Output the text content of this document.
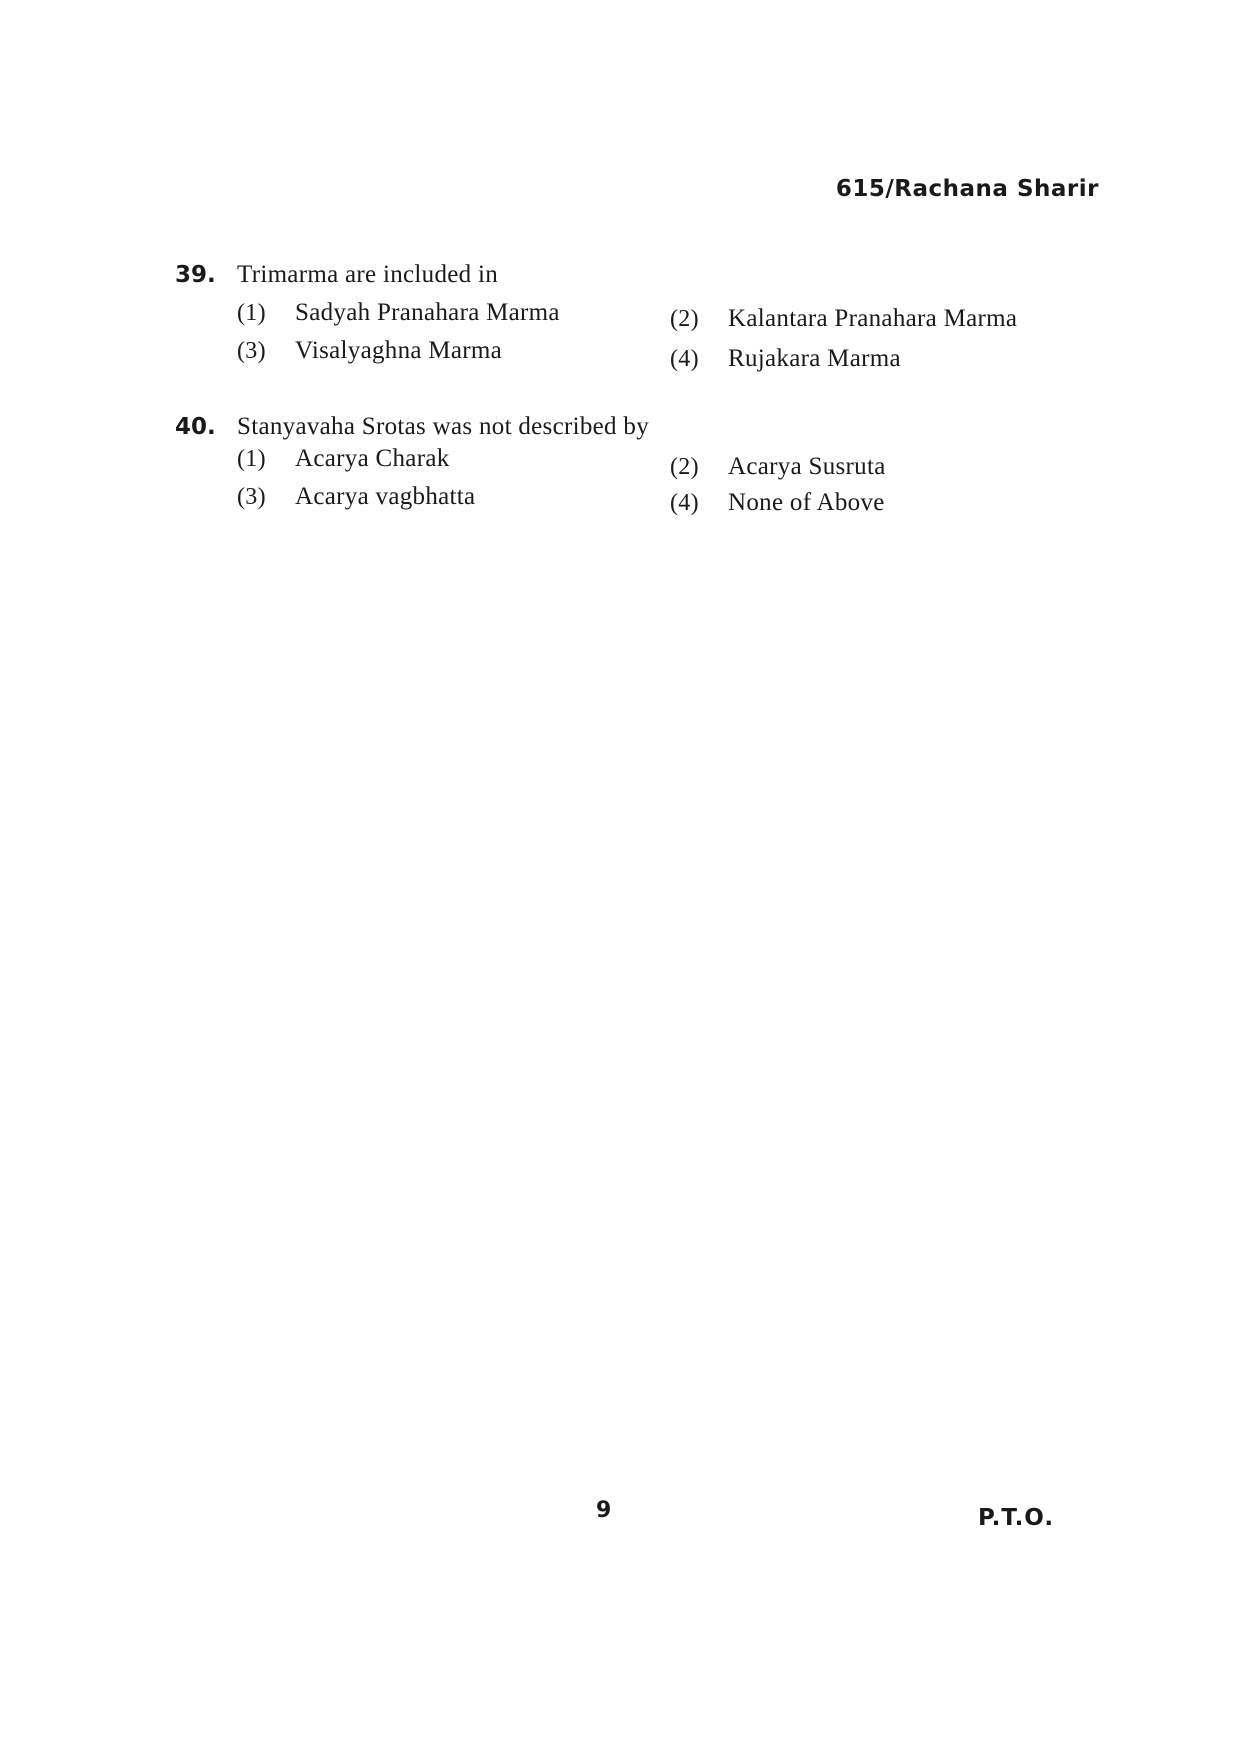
615/Rachana Sharir
39. Trimarma are included in
(1)	Sadyah Pranahara Marma	(2)	Kalantara Pranahara Marma
(3)	Visalyaghna Marma	(4)	Rujakara Marma
40. Stanyavaha Srotas was not described by
(1)	Acarya Charak	(2)	Acarya Susruta
(3)	Acarya vagbhatta	(4)	None of Above
9	P.T.O.
